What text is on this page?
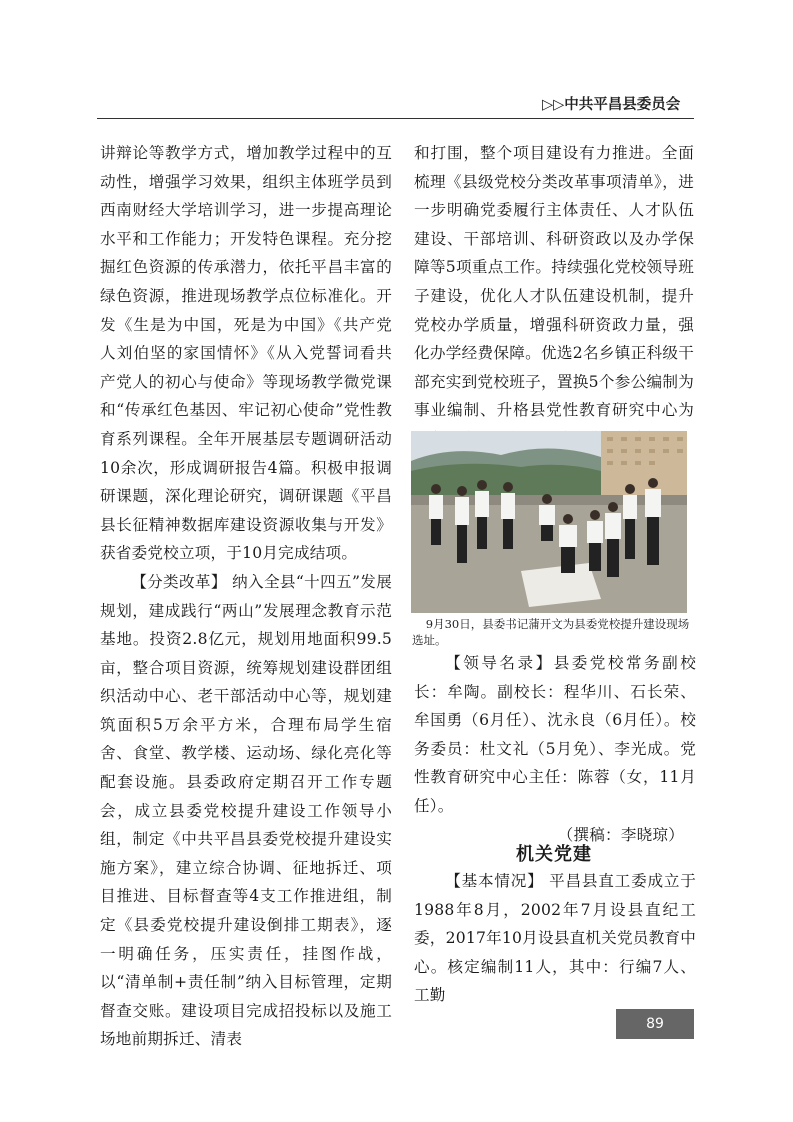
▷▷中共平昌县委员会

讲辩论等教学方式，增加教学过程中的互动性，增强学习效果，组织主体班学员到西南财经大学培训学习，进一步提高理论水平和工作能力；开发特色课程。充分挖掘红色资源的传承潜力，依托平昌丰富的绿色资源，推进现场教学点位标准化。开发《生是为中国，死是为中国》《共产党人刘伯坚的家国情怀》《从入党誓词看共产党人的初心与使命》等现场教学微党课和“传承红色基因、牢记初心使命”党性教育系列课程。全年开展基层专题调研活动10余次，形成调研报告4篇。积极申报调研课题，深化理论研究，调研课题《平昌县长征精神数据库建设资源收集与开发》获省委党校立项，于10月完成结项。

【分类改革】 纳入全县“十四五”发展规划，建成践行“两山”发展理念教育示范基地。投资2.8亿元，规划用地面积99.5亩，整合项目资源，统筹规划建设群团组织活动中心、老干部活动中心等，规划建筑面积5万余平方米，合理布局学生宿舍、食堂、教学楼、运动场、绿化亮化等配套设施。县委政府定期召开工作专题会，成立县委党校提升建设工作领导小组，制定《中共平昌县委党校提升建设实施方案》，建立综合协调、征地拆迁、项目推进、目标督查等4支工作推进组，制定《县委党校提升建设倒排工期表》，逐一明确任务，压实责任，挂图作战，以“清单制+责任制”纳入目标管理，定期督查交账。建设项目完成招投标以及施工场地前期拆迁、清表

和打围，整个项目建设有力推进。全面梳理《县级党校分类改革事项清单》，进一步明确党委履行主体责任、人才队伍建设、干部培训、科研资政以及办学保障等5项重点工作。持续强化党校领导班子建设，优化人才队伍建设机制，提升党校办学质量，增强科研资政力量，强化办学经费保障。优选2名乡镇正科级干部充实到党校班子，置换5个参公编制为事业编制、升格县党性教育研究中心为

9月30日，县委书记蒲开文为县委党校提升建设现场选址。

【领导名录】县委党校常务副校长：牟陶。副校长：程华川、石长荣、牟国勇（6月任）、沈永良（6月任）。校务委员：杜文礼（5月免）、李光成。党性教育研究中心主任：陈蓉（女，11月任）。

（撰稿：李晓琼）

机关党建

【基本情况】 平昌县直工委成立于1988年8月，2002年7月设县直纪工委，2017年10月设县直机关党员教育中心。核定编制11人，其中：行编7人、工勤

89
